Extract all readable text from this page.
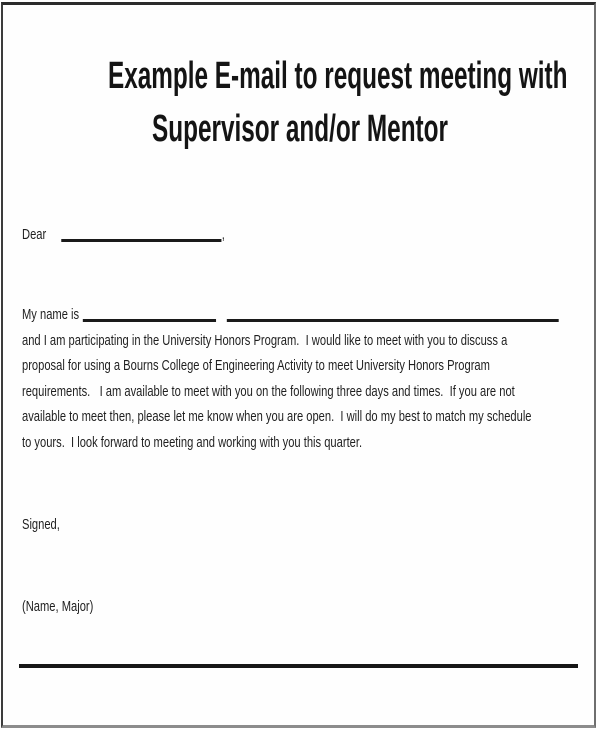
Example E-mail to request meeting with
Supervisor and/or Mentor
Dear	,
My name is
and I am participating in the University Honors Program.  I would like to meet with you to discuss a
proposal for using a Bourns College of Engineering Activity to meet University Honors Program
requirements.   I am available to meet with you on the following three days and times.  If you are not
available to meet then, please let me know when you are open.  I will do my best to match my schedule
to yours.  I look forward to meeting and working with you this quarter.
Signed,
(Name, Major)
